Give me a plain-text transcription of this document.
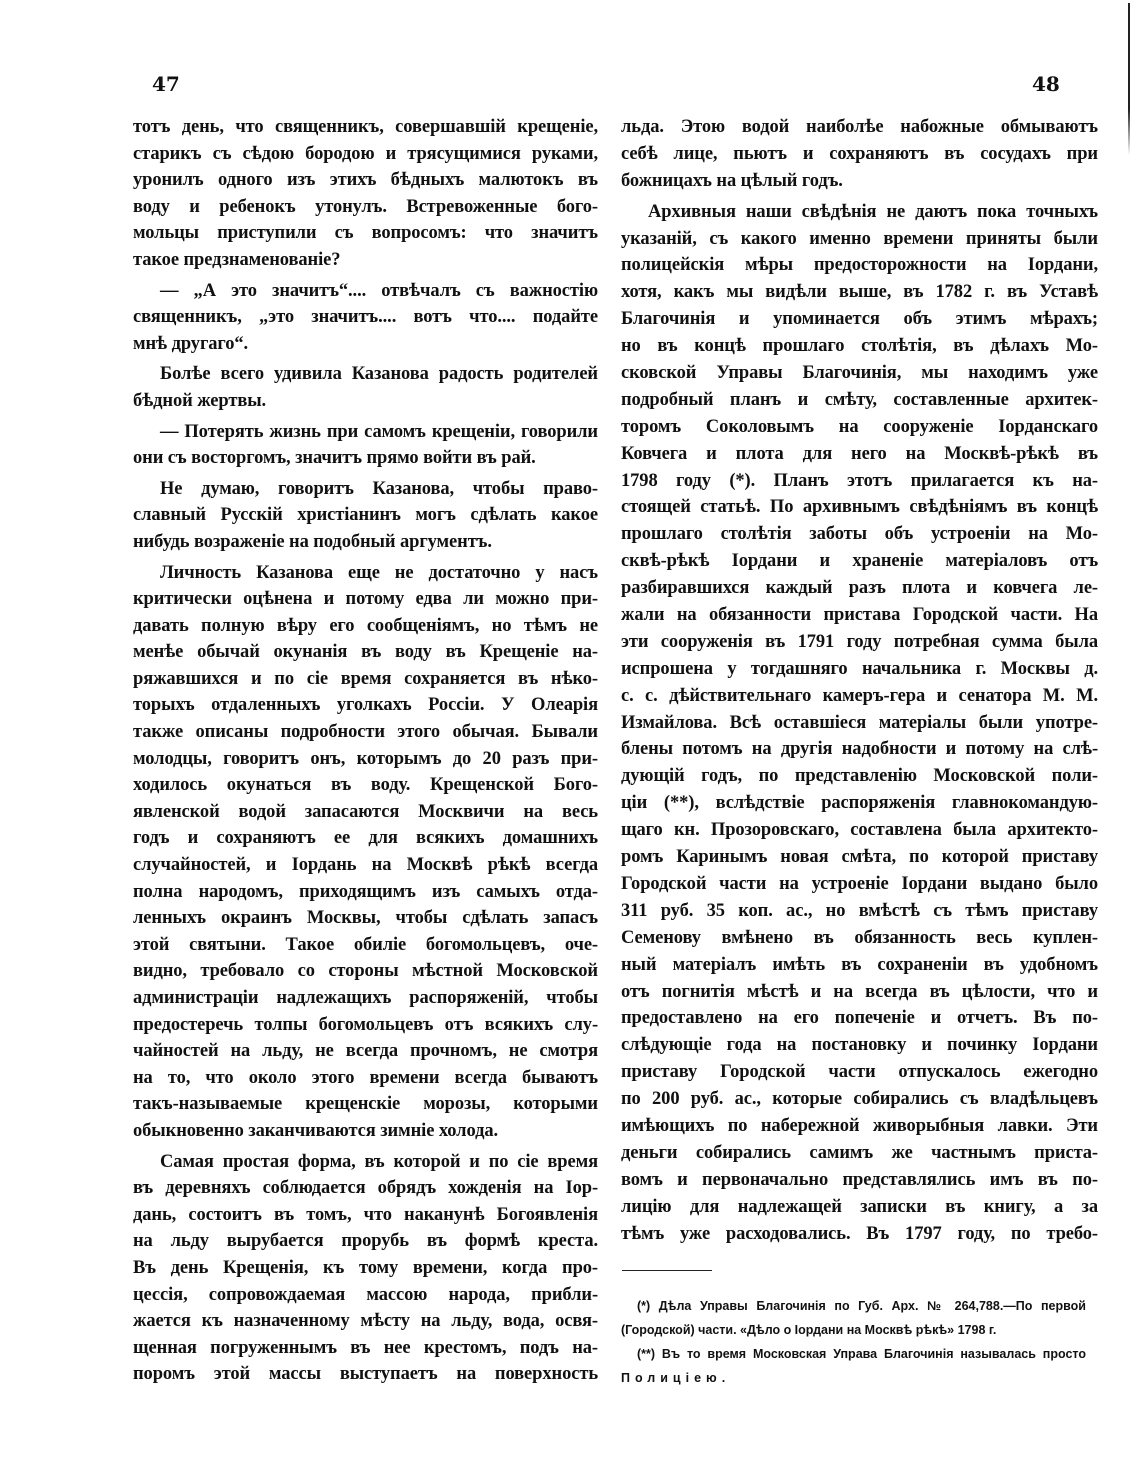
47	48
тотъ день, что священникъ, совершавшій крещеніе,
старикъ съ сѣдою бородою и трясущимися руками,
уронилъ одного изъ этихъ бѣдныхъ малютокъ въ
воду и ребенокъ утонулъ. Встревоженные бого-
мольцы приступили съ вопросомъ: что значитъ
такое предзнаменованіе?
— „А это значитъ“.... отвѣчалъ съ важностію
священникъ, „это значитъ.... вотъ что.... подайте
мнѣ другаго“.
Болѣе всего удивила Казанова радость родителей
бѣдной жертвы.
— Потерять жизнь при самомъ крещеніи, говорили
они съ восторгомъ, значитъ прямо войти въ рай.
Не думаю, говоритъ Казанова, чтобы право-
славный Русскій христіанинъ могъ сдѣлать какое
нибудь возраженіе на подобный аргументъ.
Личность Казанова еще не достаточно у насъ
критически оцѣнена и потому едва ли можно при-
давать полную вѣру его сообщеніямъ, но тѣмъ не
менѣе обычай окунанія въ воду въ Крещеніе на-
ряжавшихся и по сіе время сохраняется въ нѣко-
торыхъ отдаленныхъ уголкахъ Россіи. У Олеарія
также описаны подробности этого обычая. Бывали
молодцы, говоритъ онъ, которымъ до 20 разъ при-
ходилось окунаться въ воду. Крещенской Бого-
явленской водой запасаются Москвичи на весь
годъ и сохраняютъ ее для всякихъ домашнихъ
случайностей, и Іордань на Москвѣ рѣкѣ всегда
полна народомъ, приходящимъ изъ самыхъ отда-
ленныхъ окраинъ Москвы, чтобы сдѣлать запасъ
этой святыни. Такое обиліе богомольцевъ, оче-
видно, требовало со стороны мѣстной Московской
администраціи надлежащихъ распоряженій, чтобы
предостеречь толпы богомольцевъ отъ всякихъ слу-
чайностей на льду, не всегда прочномъ, не смотря
на то, что около этого времени всегда бываютъ
такъ-называемые крещенскіе морозы, которыми
обыкновенно заканчиваются зимніе холода.
Самая простая форма, въ которой и по сіе время
въ деревняхъ соблюдается обрядъ хожденія на Іор-
дань, состоитъ въ томъ, что наканунѣ Богоявленія
на льду вырубается прорубь въ формѣ креста.
Въ день Крещенія, къ тому времени, когда про-
цессія, сопровождаемая массою народа, прибли-
жается къ назначенному мѣсту на льду, вода, освя-
щенная погруженнымъ въ нее крестомъ, подъ на-
поромъ этой массы выступаетъ на поверхность
льда. Этою водой наиболѣе набожные обмываютъ
себѣ лице, пьютъ и сохраняютъ въ сосудахъ при
божницахъ на цѣлый годъ.
Архивныя наши свѣдѣнія не даютъ пока точныхъ
указаній, съ какого именно времени приняты были
полицейскія мѣры предосторожности на Іордани,
хотя, какъ мы видѣли выше, въ 1782 г. въ Уставѣ
Благочинія и упоминается объ этимъ мѣрахъ;
но въ концѣ прошлаго столѣтія, въ дѣлахъ Мо-
сковской Управы Благочинія, мы находимъ уже
подробный планъ и смѣту, составленные архитек-
торомъ Соколовымъ на сооруженіе Іорданскаго
Ковчега и плота для него на Москвѣ-рѣкѣ въ
1798 году (*). Планъ этотъ прилагается къ на-
стоящей статьѣ. По архивнымъ свѣдѣніямъ въ концѣ
прошлаго столѣтія заботы объ устроеніи на Мо-
сквѣ-рѣкѣ Іордани и храненіе матеріаловъ отъ
разбиравшихся каждый разъ плота и ковчега ле-
жали на обязанности пристава Городской части. На
эти сооруженія въ 1791 году потребная сумма была
испрошена у тогдашняго начальника г. Москвы д.
с. с. дѣйствительнаго камеръ-гера и сенатора М. М.
Измайлова. Всѣ оставшіеся матеріалы были употре-
блены потомъ на другія надобности и потому на слѣ-
дующій годъ, по представленію Московской поли-
ціи (**), вслѣдствіе распоряженія главнокомандую-
щаго кн. Прозоровскаго, составлена была архитекто-
ромъ Каринымъ новая смѣта, по которой приставу
Городской части на устроеніе Іордани выдано было
311 руб. 35 коп. ас., но вмѣстѣ съ тѣмъ приставу
Семенову вмѣнено въ обязанность весь куплен-
ный матеріалъ имѣть въ сохраненіи въ удобномъ
отъ погнитія мѣстѣ и на всегда въ цѣлости, что и
предоставлено на его попеченіе и отчетъ. Въ по-
слѣдующіе года на постановку и починку Іордани
приставу Городской части отпускалось ежегодно
по 200 руб. ас., которые собирались съ владѣльцевъ
имѣющихъ по набережной живорыбныя лавки. Эти
деньги собирались самимъ же частнымъ приста-
вомъ и первоначально представлялись имъ въ по-
лицію для надлежащей записки въ книгу, а за
тѣмъ уже расходовались. Въ 1797 году, по требо-
(*) Дѣла Управы Благочинія по Губ. Арх. № 264,788.—По первой
(Городской) части. «Дѣло о Іордани на Москвѣ рѣкѣ» 1798 г.
(**) Въ то время Московская Управа Благочинія называлась просто
Полиціею.
